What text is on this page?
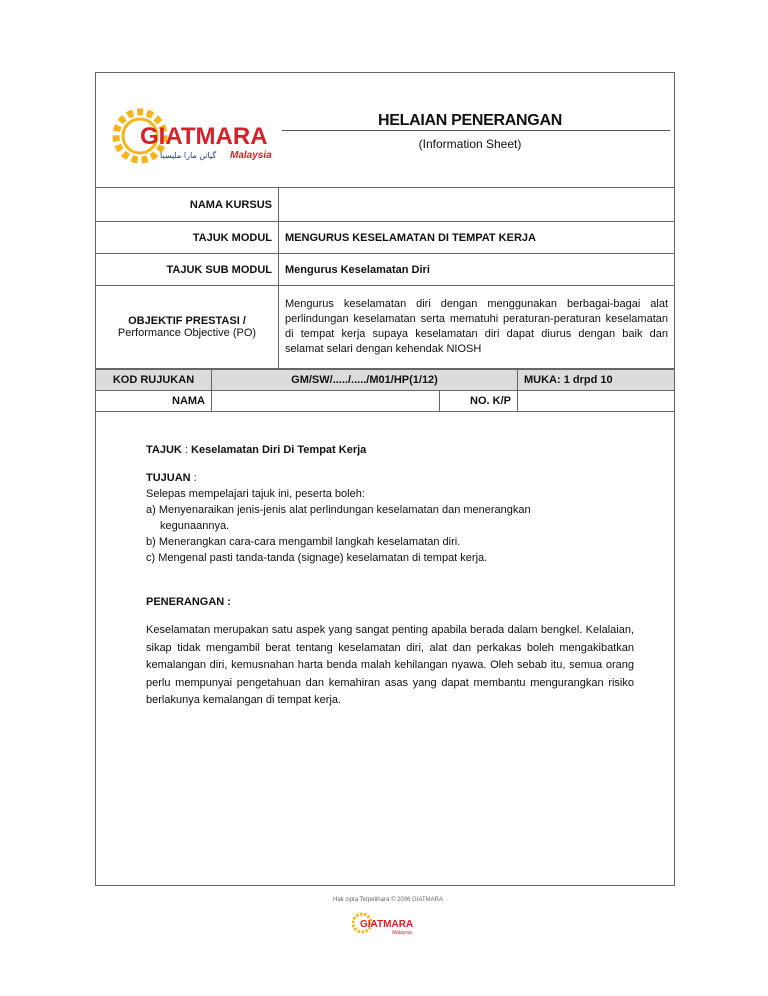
GIATMARA
Malaysia
ﮔﻴﺎتن مارا مليسيا
HELAIAN PENERANGAN
(Information Sheet)
NAMA KURSUS	
TAJUK MODUL	MENGURUS KESELAMATAN DI TEMPAT KERJA
TAJUK SUB MODUL	Mengurus Keselamatan Diri

OBJEKTIF PRESTASI /
Performance Objective (PO)	Mengurus keselamatan diri dengan menggunakan berbagai-bagai alat perlindungan keselamatan serta mematuhi peraturan-peraturan keselamatan di tempat kerja supaya keselamatan diri dapat diurus dengan baik dan selamat selari dengan kehendak NIOSH
KOD RUJUKAN	GM/SW/...../...../M01/HP(1/12)		MUKA: 1 drpd 10
NAMA		NO. K/P	

TAJUK : Keselamatan Diri Di Tempat Kerja

TUJUAN :

Selepas mempelajari tajuk ini, peserta boleh:

a) Menyenaraikan jenis-jenis alat perlindungan keselamatan dan menerangkan

kegunaannya.

b) Menerangkan cara-cara mengambil langkah keselamatan diri.

c) Mengenal pasti tanda-tanda (signage) keselamatan di tempat kerja.

PENERANGAN :

Keselamatan merupakan satu aspek yang sangat penting apabila berada dalam bengkel. Kelalaian, sikap tidak mengambil berat tentang keselamatan diri, alat dan perkakas boleh mengakibatkan kemalangan diri, kemusnahan harta benda malah kehilangan nyawa. Oleh sebab itu, semua orang perlu mempunyai pengetahuan dan kemahiran asas yang dapat membantu mengurangkan risiko berlakunya kemalangan di tempat kerja.

Hak cipta Terpelihara © 2006 GIATMARA
GIATMARA
Malaysia
